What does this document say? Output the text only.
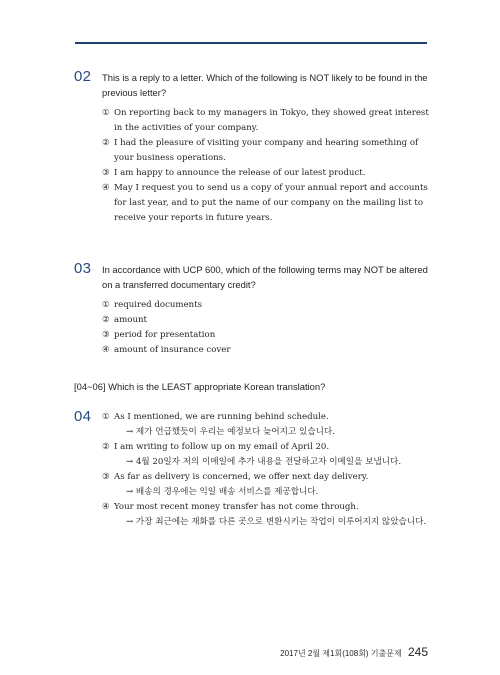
02 This is a reply to a letter. Which of the following is NOT likely to be found in the previous letter?
① On reporting back to my managers in Tokyo, they showed great interest in the activities of your company.
② I had the pleasure of visiting your company and hearing something of your business operations.
③ I am happy to announce the release of our latest product.
④ May I request you to send us a copy of your annual report and accounts for last year, and to put the name of our company on the mailing list to receive your reports in future years.
03 In accordance with UCP 600, which of the following terms may NOT be altered on a transferred documentary credit?
① required documents
② amount
③ period for presentation
④ amount of insurance cover
[04~06] Which is the LEAST appropriate Korean translation?
04 ① As I mentioned, we are running behind schedule.
→ 제가 언급했듯이 우리는 예정보다 늦어지고 있습니다.
② I am writing to follow up on my email of April 20.
→ 4월 20일자 저의 이메일에 추가 내용을 전달하고자 이메일을 보냅니다.
③ As far as delivery is concerned, we offer next day delivery.
→ 배송의 경우에는 익일 배송 서비스를 제공합니다.
④ Your most recent money transfer has not come through.
→ 가장 최근에는 재화를 다른 곳으로 변환시키는 작업이 이루어지지 않았습니다.
2017년 2월 제1회(108회) 기출문제 245
